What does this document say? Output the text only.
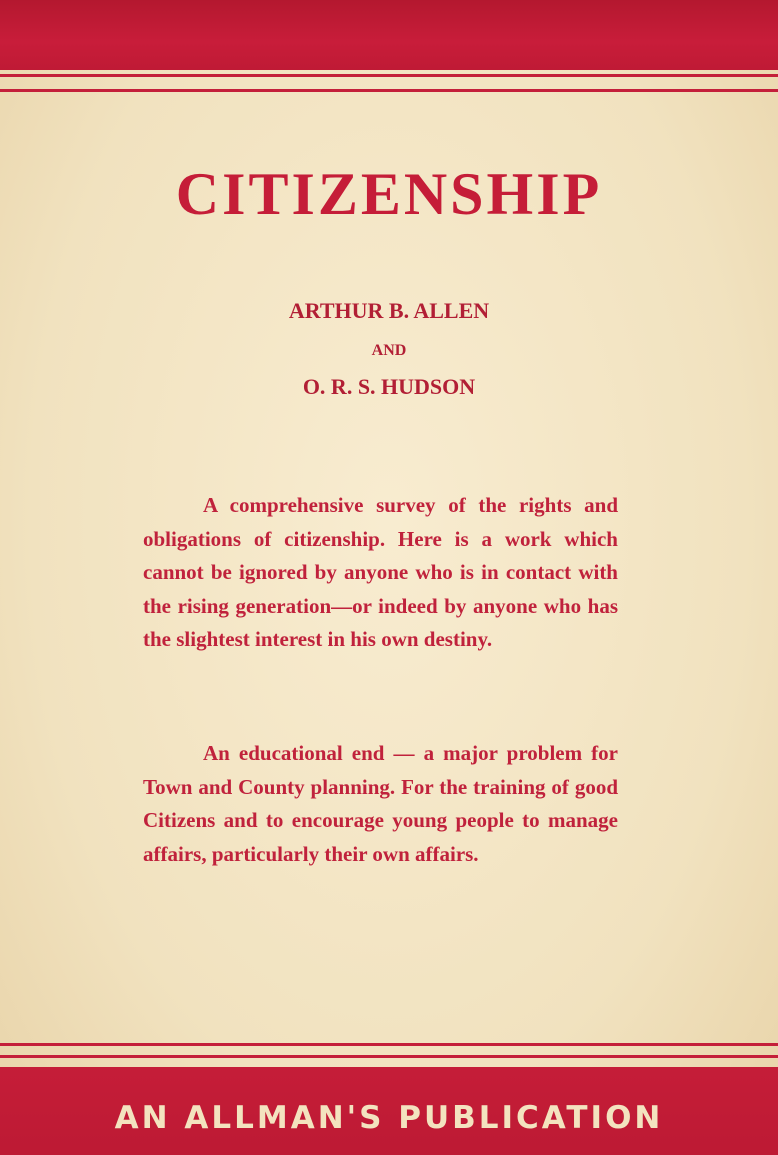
CITIZENSHIP
ARTHUR B. ALLEN
AND
O. R. S. HUDSON

A comprehensive survey of the rights and obligations of citizenship. Here is a work which cannot be ignored by anyone who is in contact with the rising generation—or indeed by anyone who has the slightest interest in his own destiny.

An educational end — a major problem for Town and County planning. For the training of good Citizens and to encourage young people to manage affairs, particularly their own affairs.

AN ALLMAN'S PUBLICATION
